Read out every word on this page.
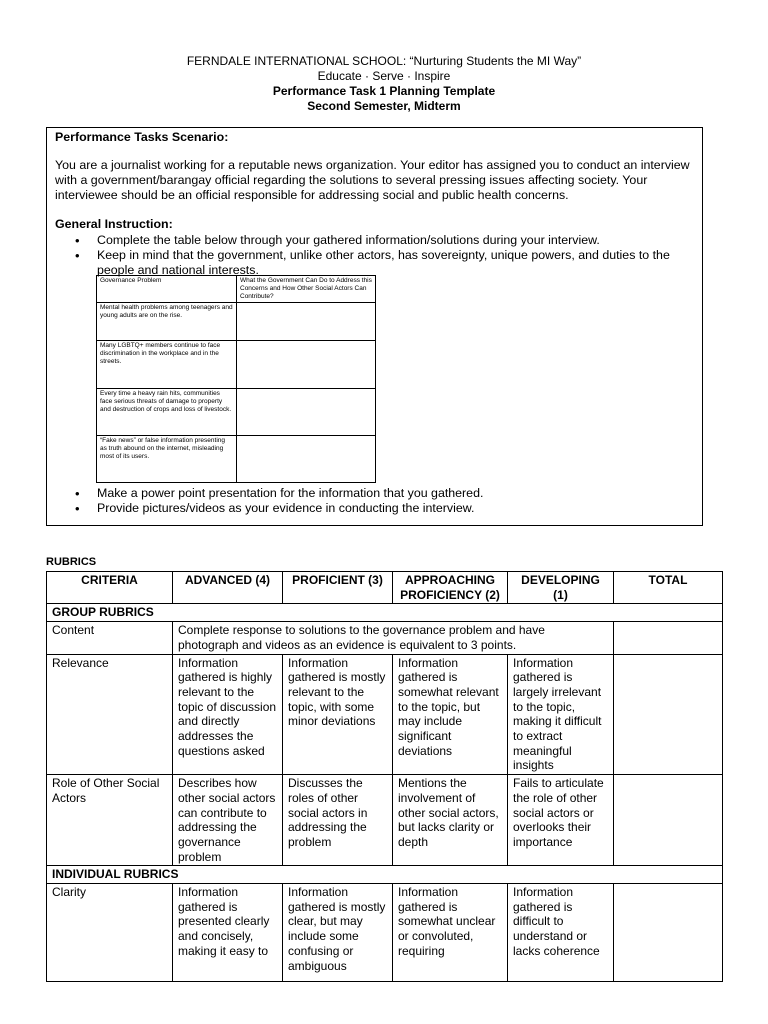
FERNDALE INTERNATIONAL SCHOOL: “Nurturing Students the MI Way”
Educate · Serve · Inspire
Performance Task 1 Planning Template
Second Semester, Midterm
Performance Tasks Scenario:
You are a journalist working for a reputable news organization. Your editor has assigned you to conduct an interview with a government/barangay official regarding the solutions to several pressing issues affecting society. Your interviewee should be an official responsible for addressing social and public health concerns.
General Instruction:
• Complete the table below through your gathered information/solutions during your interview.
• Keep in mind that the government, unlike other actors, has sovereignty, unique powers, and duties to the people and national interests.
• Make a power point presentation for the information that you gathered.
• Provide pictures/videos as your evidence in conducting the interview.
Governance Problem	What the Government Can Do to Address this Concerns and How Other Social Actors Can Contribute?
Mental health problems among teenagers and young adults are on the rise.	
Many LGBTQ+ members continue to face discrimination in the workplace and in the streets.	
Every time a heavy rain hits, communities face serious threats of damage to property and destruction of crops and loss of livestock.	
“Fake news” or false information presenting as truth abound on the internet, misleading most of its users.	
RUBRICS
CRITERIA	ADVANCED (4)	PROFICIENT (3)	APPROACHING PROFICIENCY (2)	DEVELOPING (1)	TOTAL
GROUP RUBRICS					
Content	Complete response to solutions to the governance problem and have photograph and videos as an evidence is equivalent to 3 points.				
Relevance	Information gathered is highly relevant to the topic of discussion and directly addresses the questions asked	Information gathered is mostly relevant to the topic, with some minor deviations	Information gathered is somewhat relevant to the topic, but may include significant deviations	Information gathered is largely irrelevant to the topic, making it difficult to extract meaningful insights	
Role of Other Social Actors	Describes how other social actors can contribute to addressing the governance problem	Discusses the roles of other social actors in addressing the problem	Mentions the involvement of other social actors, but lacks clarity or depth	Fails to articulate the role of other social actors or overlooks their importance	
INDIVIDUAL RUBRICS					
Clarity	Information gathered is presented clearly and concisely, making it easy to	Information gathered is mostly clear, but may include some confusing or ambiguous	Information gathered is somewhat unclear or convoluted, requiring	Information gathered is difficult to understand or lacks coherence	
